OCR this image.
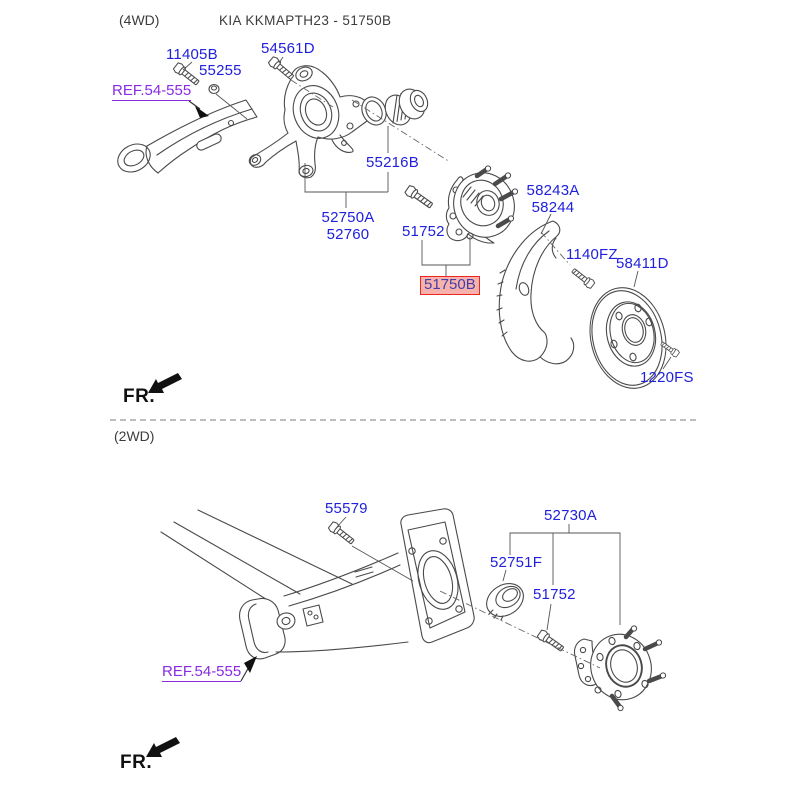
(4WD)	KIA KKMAPTH23 - 51750B
11405B
55255
54561D
REF.54-555
55216B
52750A
52760	51752
51750B
58243A
58244
1140FZ
58411D
1220FS
FR.
(2WD)
55579	52730A
52751F
51752
REF.54-555
FR.
